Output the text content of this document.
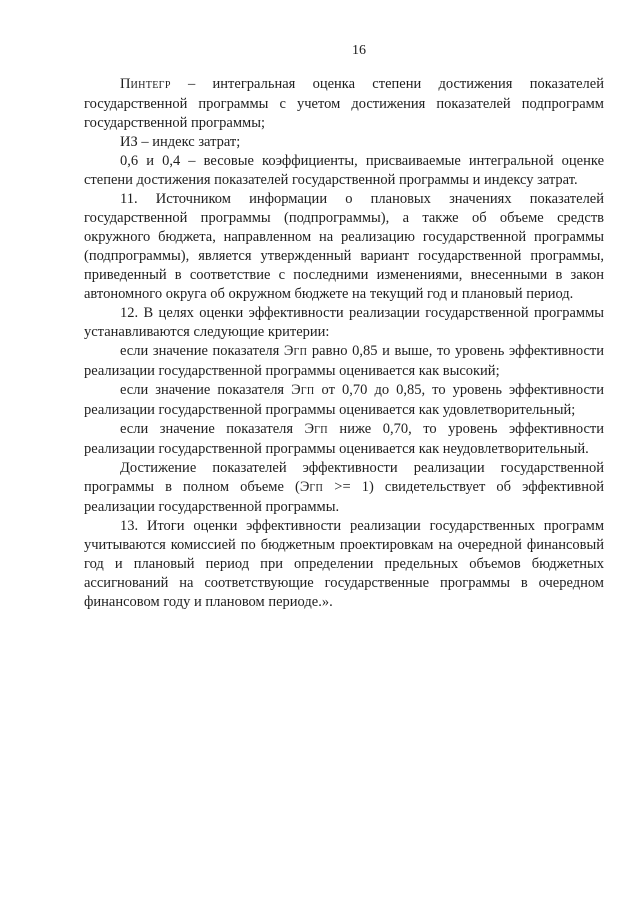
16

ПИНТЕГР – интегральная оценка степени достижения показателей государственной программы с учетом достижения показателей подпрограмм государственной программы;

ИЗ – индекс затрат;

0,6 и 0,4 – весовые коэффициенты, присваиваемые интегральной оценке степени достижения показателей государственной программы и индексу затрат.

11. Источником информации о плановых значениях показателей государственной программы (подпрограммы), а также об объеме средств окружного бюджета, направленном на реализацию государственной программы (подпрограммы), является утвержденный вариант государственной программы, приведенный в соответствие с последними изменениями, внесенными в закон автономного округа об окружном бюджете на текущий год и плановый период.

12. В целях оценки эффективности реализации государственной программы устанавливаются следующие критерии:

если значение показателя ЭГП равно 0,85 и выше, то уровень эффективности реализации государственной программы оценивается как высокий;

если значение показателя ЭГП от 0,70 до 0,85, то уровень эффективности реализации государственной программы оценивается как удовлетворительный;

если значение показателя ЭГП ниже 0,70, то уровень эффективности реализации государственной программы оценивается как неудовлетворительный.

Достижение показателей эффективности реализации государственной программы в полном объеме (ЭГП >= 1) свидетельствует об эффективной реализации государственной программы.

13. Итоги оценки эффективности реализации государственных программ учитываются комиссией по бюджетным проектировкам на очередной финансовый год и плановый период при определении предельных объемов бюджетных ассигнований на соответствующие государственные программы в очередном финансовом году и плановом периоде.».
